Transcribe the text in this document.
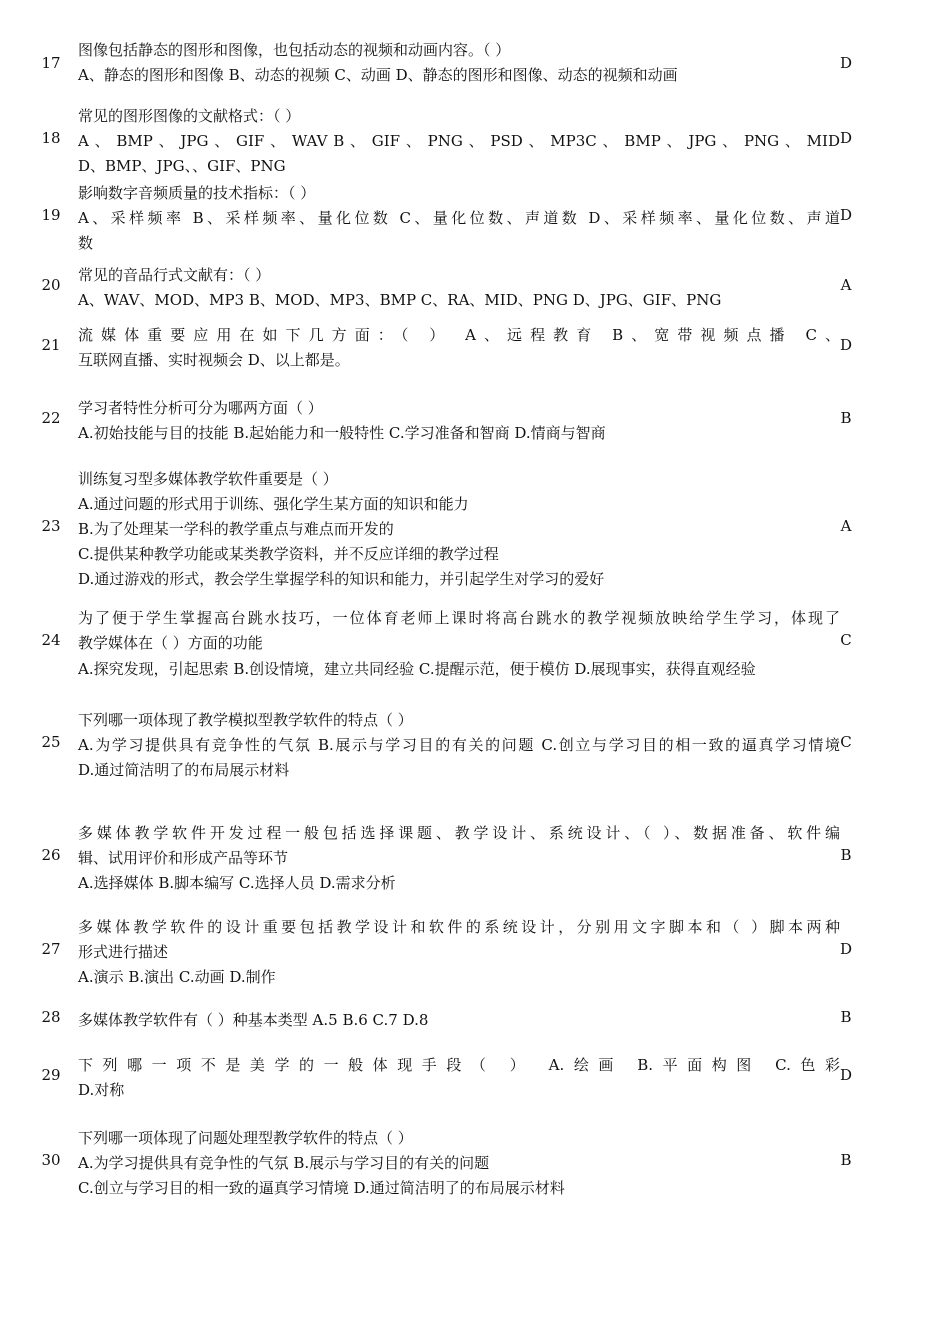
17
图像包括静态的图形和图像，也包括动态的视频和动画内容。（ ）
A、静态的图形和图像 B、动态的视频 C、动画 D、静态的图形和图像、动态的视频和动画
D
18
常见的图形图像的文献格式：（ ）
A 、 BMP 、 JPG 、 GIF 、 WAV B 、 GIF 、 PNG 、 PSD 、 MP3C 、 BMP 、 JPG 、 PNG 、 MID
D、BMP、JPG、、GIF、PNG
D
19
影响数字音频质量的技术指标：（ ）
A、采样频率 B、采样频率、量化位数 C、量化位数、声道数 D、采样频率、量化位数、声道
数
D
20
常见的音品行式文献有：（ ）
A、WAV、MOD、MP3 B、MOD、MP3、BMP C、RA、MID、PNG D、JPG、GIF、PNG
A
21
流媒体重要应用在如下几方面：（ ） A、远程教育 B、宽带视频点播 C、
互联网直播、实时视频会 D、以上都是。
D
22
学习者特性分析可分为哪两方面（ ）
A.初始技能与目的技能 B.起始能力和一般特性 C.学习准备和智商 D.情商与智商
B
23
训练复习型多媒体教学软件重要是（ ）
A.通过问题的形式用于训练、强化学生某方面的知识和能力
B.为了处理某一学科的教学重点与难点而开发的
C.提供某种教学功能或某类教学资料，并不反应详细的教学过程
D.通过游戏的形式，教会学生掌握学科的知识和能力，并引起学生对学习的爱好
A
24
为了便于学生掌握高台跳水技巧，一位体育老师上课时将高台跳水的教学视频放映给学生学习，体现了
教学媒体在（ ）方面的功能
A.探究发现，引起思索 B.创设情境，建立共同经验 C.提醒示范，便于模仿 D.展现事实，获得直观经验
C
25
下列哪一项体现了教学模拟型教学软件的特点（ ）
A.为学习提供具有竞争性的气氛 B.展示与学习目的有关的问题 C.创立与学习目的相一致的逼真学习情境
D.通过简洁明了的布局展示材料
C
26
多媒体教学软件开发过程一般包括选择课题、教学设计、系统设计、（ ）、数据准备、软件编
辑、试用评价和形成产品等环节
A.选择媒体 B.脚本编写 C.选择人员 D.需求分析
B
27
多媒体教学软件的设计重要包括教学设计和软件的系统设计，分别用文字脚本和（ ）脚本两种
形式进行描述
A.演示 B.演出 C.动画 D.制作
D
28	多媒体教学软件有（ ）种基本类型 A.5 B.6 C.7 D.8	B
29
下列哪一项不是美学的一般体现手段（ ） A.绘画 B.平面构图 C.色彩
D.对称
D
30
下列哪一项体现了问题处理型教学软件的特点（ ）
A.为学习提供具有竞争性的气氛 B.展示与学习目的有关的问题
C.创立与学习目的相一致的逼真学习情境 D.通过简洁明了的布局展示材料
B
